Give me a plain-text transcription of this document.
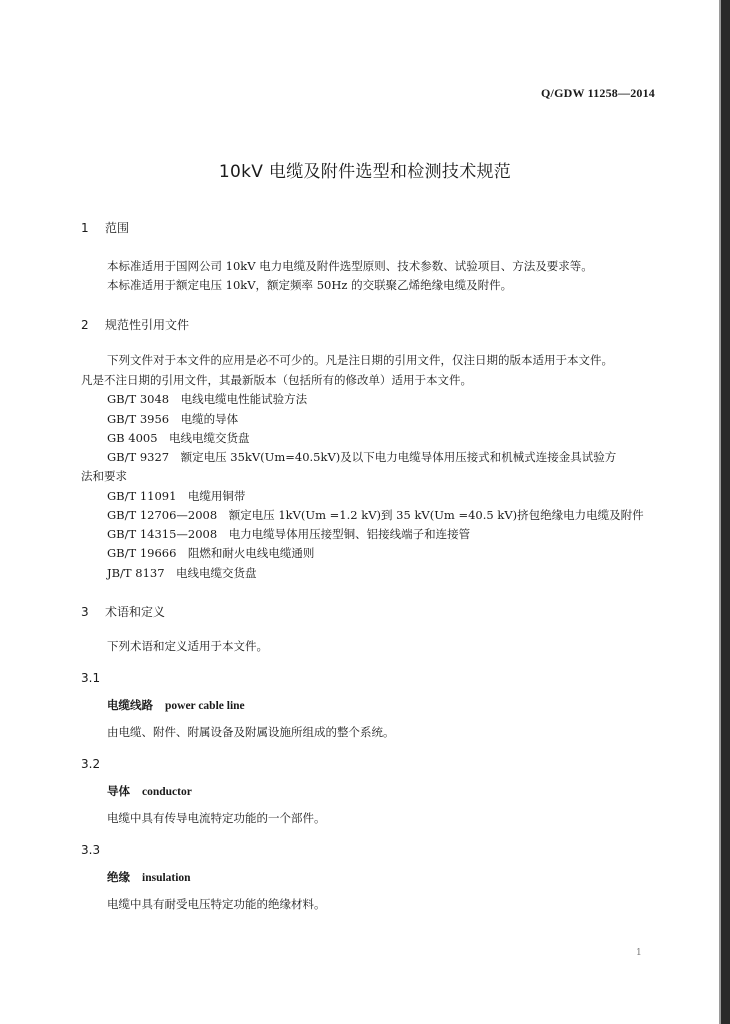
Q/GDW 11258—2014
10kV 电缆及附件选型和检测技术规范
1 范围
本标准适用于国网公司 10kV 电力电缆及附件选型原则、技术参数、试验项目、方法及要求等。
本标准适用于额定电压 10kV，额定频率 50Hz 的交联聚乙烯绝缘电缆及附件。
2 规范性引用文件
下列文件对于本文件的应用是必不可少的。凡是注日期的引用文件，仅注日期的版本适用于本文件。
凡是不注日期的引用文件，其最新版本（包括所有的修改单）适用于本文件。
GB/T 3048　电线电缆电性能试验方法
GB/T 3956　电缆的导体
GB 4005　电线电缆交货盘
GB/T 9327　额定电压 35kV(Um=40.5kV)及以下电力电缆导体用压接式和机械式连接金具试验方
法和要求
GB/T 11091　电缆用铜带
GB/T 12706—2008　额定电压 1kV(Um =1.2 kV)到 35 kV(Um =40.5 kV)挤包绝缘电力电缆及附件
GB/T 14315—2008　电力电缆导体用压接型铜、铝接线端子和连接管
GB/T 19666　阻燃和耐火电线电缆通则
JB/T 8137　电线电缆交货盘
3 术语和定义
下列术语和定义适用于本文件。
3.1
电缆线路 power cable line
由电缆、附件、附属设备及附属设施所组成的整个系统。
3.2
导体 conductor
电缆中具有传导电流特定功能的一个部件。
3.3
绝缘 insulation
电缆中具有耐受电压特定功能的绝缘材料。
1
